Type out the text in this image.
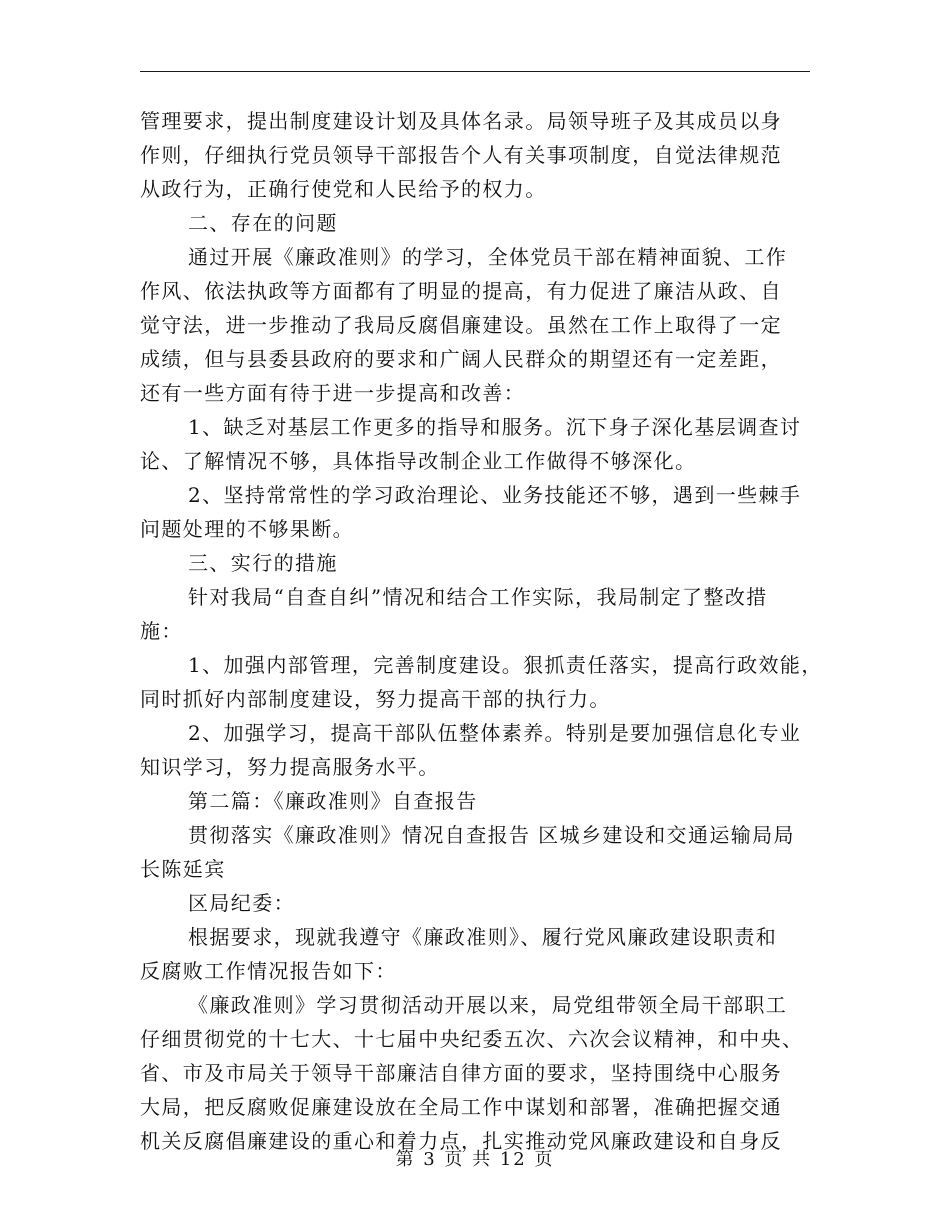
管理要求，提出制度建设计划及具体名录。局领导班子及其成员以身
作则，仔细执行党员领导干部报告个人有关事项制度，自觉法律规范
从政行为，正确行使党和人民给予的权力。
二、存在的问题
通过开展《廉政准则》的学习，全体党员干部在精神面貌、工作
作风、依法执政等方面都有了明显的提高，有力促进了廉洁从政、自
觉守法，进一步推动了我局反腐倡廉建设。虽然在工作上取得了一定
成绩，但与县委县政府的要求和广阔人民群众的期望还有一定差距，
还有一些方面有待于进一步提高和改善：
1、缺乏对基层工作更多的指导和服务。沉下身子深化基层调查讨
论、了解情况不够，具体指导改制企业工作做得不够深化。
2、坚持常常性的学习政治理论、业务技能还不够，遇到一些棘手
问题处理的不够果断。
三、实行的措施
针对我局“自查自纠”情况和结合工作实际，我局制定了整改措
施：
1、加强内部管理，完善制度建设。狠抓责任落实，提高行政效能，
同时抓好内部制度建设，努力提高干部的执行力。
2、加强学习，提高干部队伍整体素养。特别是要加强信息化专业
知识学习，努力提高服务水平。
第二篇：《廉政准则》自查报告
贯彻落实《廉政准则》情况自查报告 区城乡建设和交通运输局局
长陈延宾
区局纪委：
根据要求，现就我遵守《廉政准则》、履行党风廉政建设职责和
反腐败工作情况报告如下：
《廉政准则》学习贯彻活动开展以来，局党组带领全局干部职工
仔细贯彻党的十七大、十七届中央纪委五次、六次会议精神，和中央、
省、市及市局关于领导干部廉洁自律方面的要求，坚持围绕中心服务
大局，把反腐败促廉建设放在全局工作中谋划和部署，准确把握交通
机关反腐倡廉建设的重心和着力点，扎实推动党风廉政建设和自身反
第 3 页 共 12 页
